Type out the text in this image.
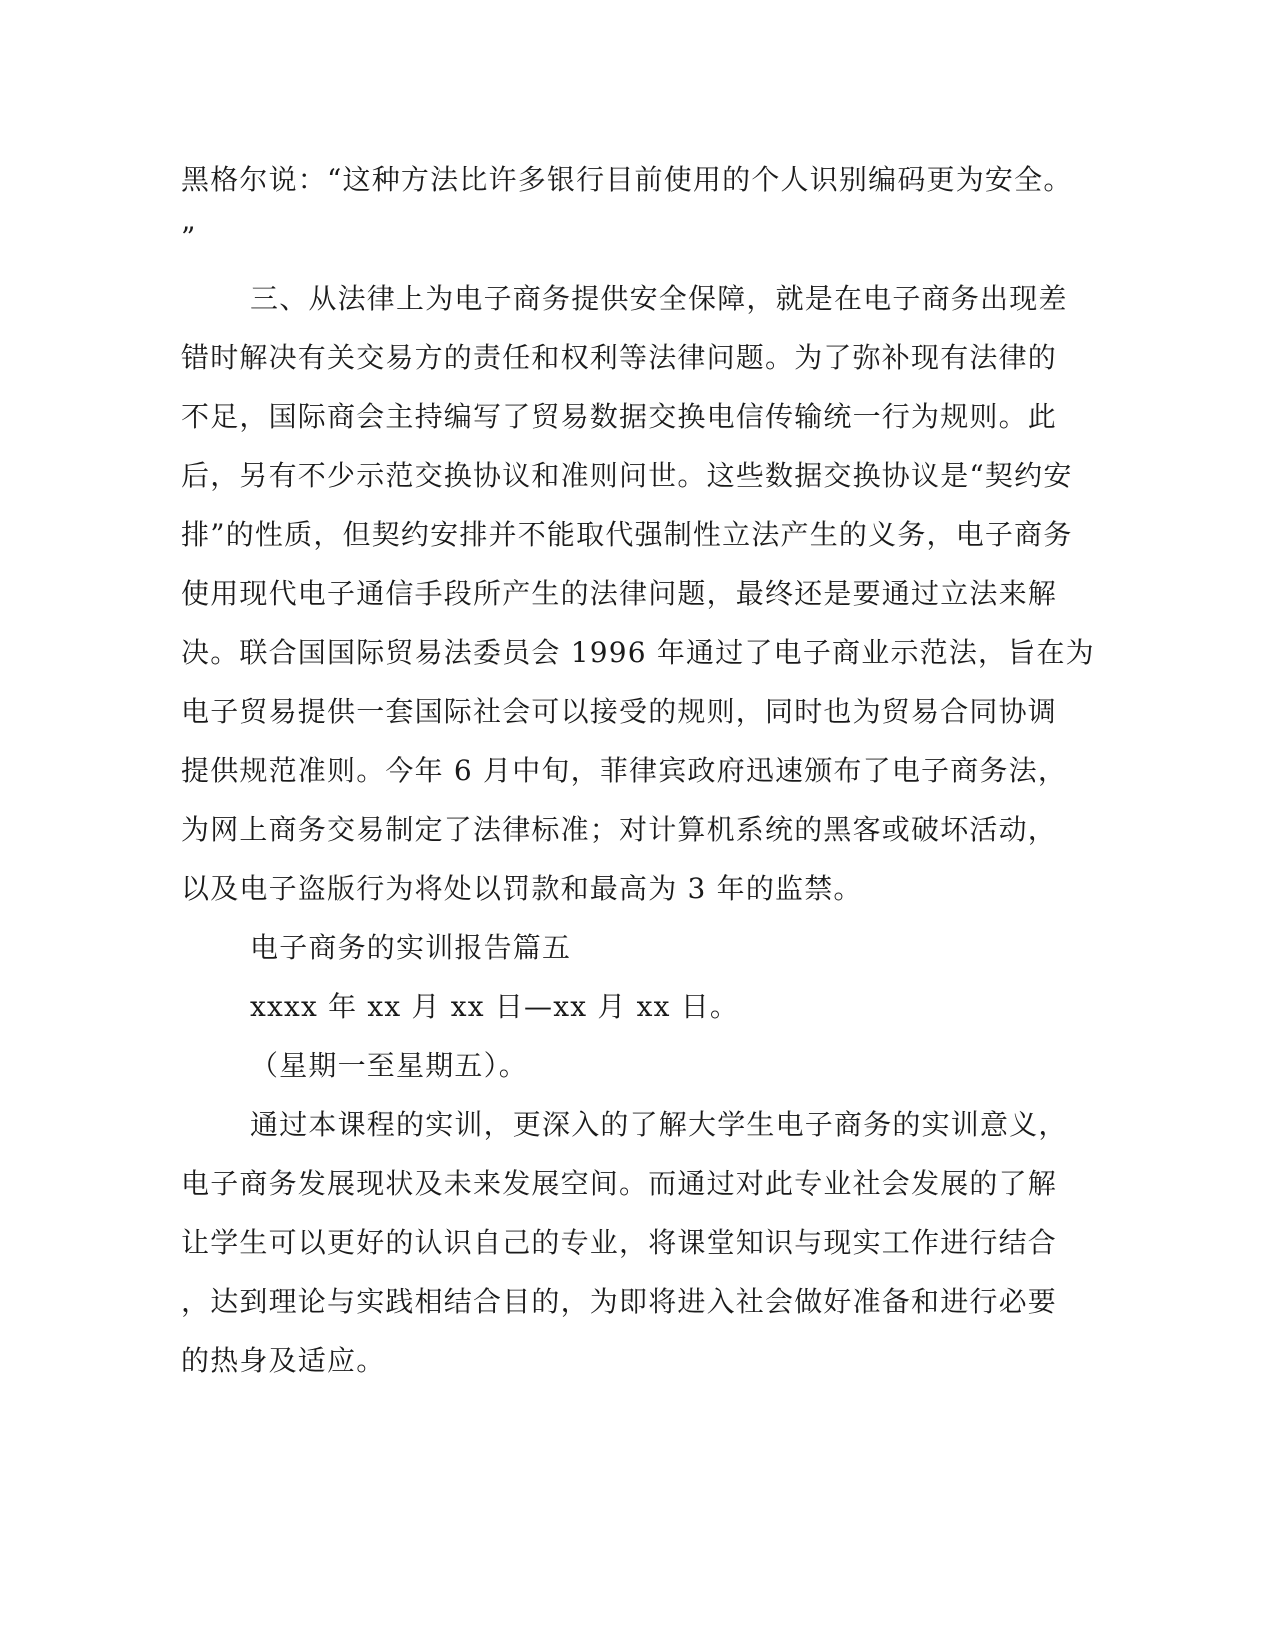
黑格尔说：“这种方法比许多银行目前使用的个人识别编码更为安全。
”
三、从法律上为电子商务提供安全保障，就是在电子商务出现差
错时解决有关交易方的责任和权利等法律问题。为了弥补现有法律的
不足，国际商会主持编写了贸易数据交换电信传输统一行为规则。此
后，另有不少示范交换协议和准则问世。这些数据交换协议是“契约安
排”的性质，但契约安排并不能取代强制性立法产生的义务，电子商务
使用现代电子通信手段所产生的法律问题，最终还是要通过立法来解
决。联合国国际贸易法委员会 1996 年通过了电子商业示范法，旨在为
电子贸易提供一套国际社会可以接受的规则，同时也为贸易合同协调
提供规范准则。今年 6 月中旬，菲律宾政府迅速颁布了电子商务法，
为网上商务交易制定了法律标准；对计算机系统的黑客或破坏活动，
以及电子盗版行为将处以罚款和最高为 3 年的监禁。
电子商务的实训报告篇五
xxxx 年 xx 月 xx 日—xx 月 xx 日。
（星期一至星期五）。
通过本课程的实训，更深入的了解大学生电子商务的实训意义，
电子商务发展现状及未来发展空间。而通过对此专业社会发展的了解
让学生可以更好的认识自己的专业，将课堂知识与现实工作进行结合
，达到理论与实践相结合目的，为即将进入社会做好准备和进行必要
的热身及适应。
